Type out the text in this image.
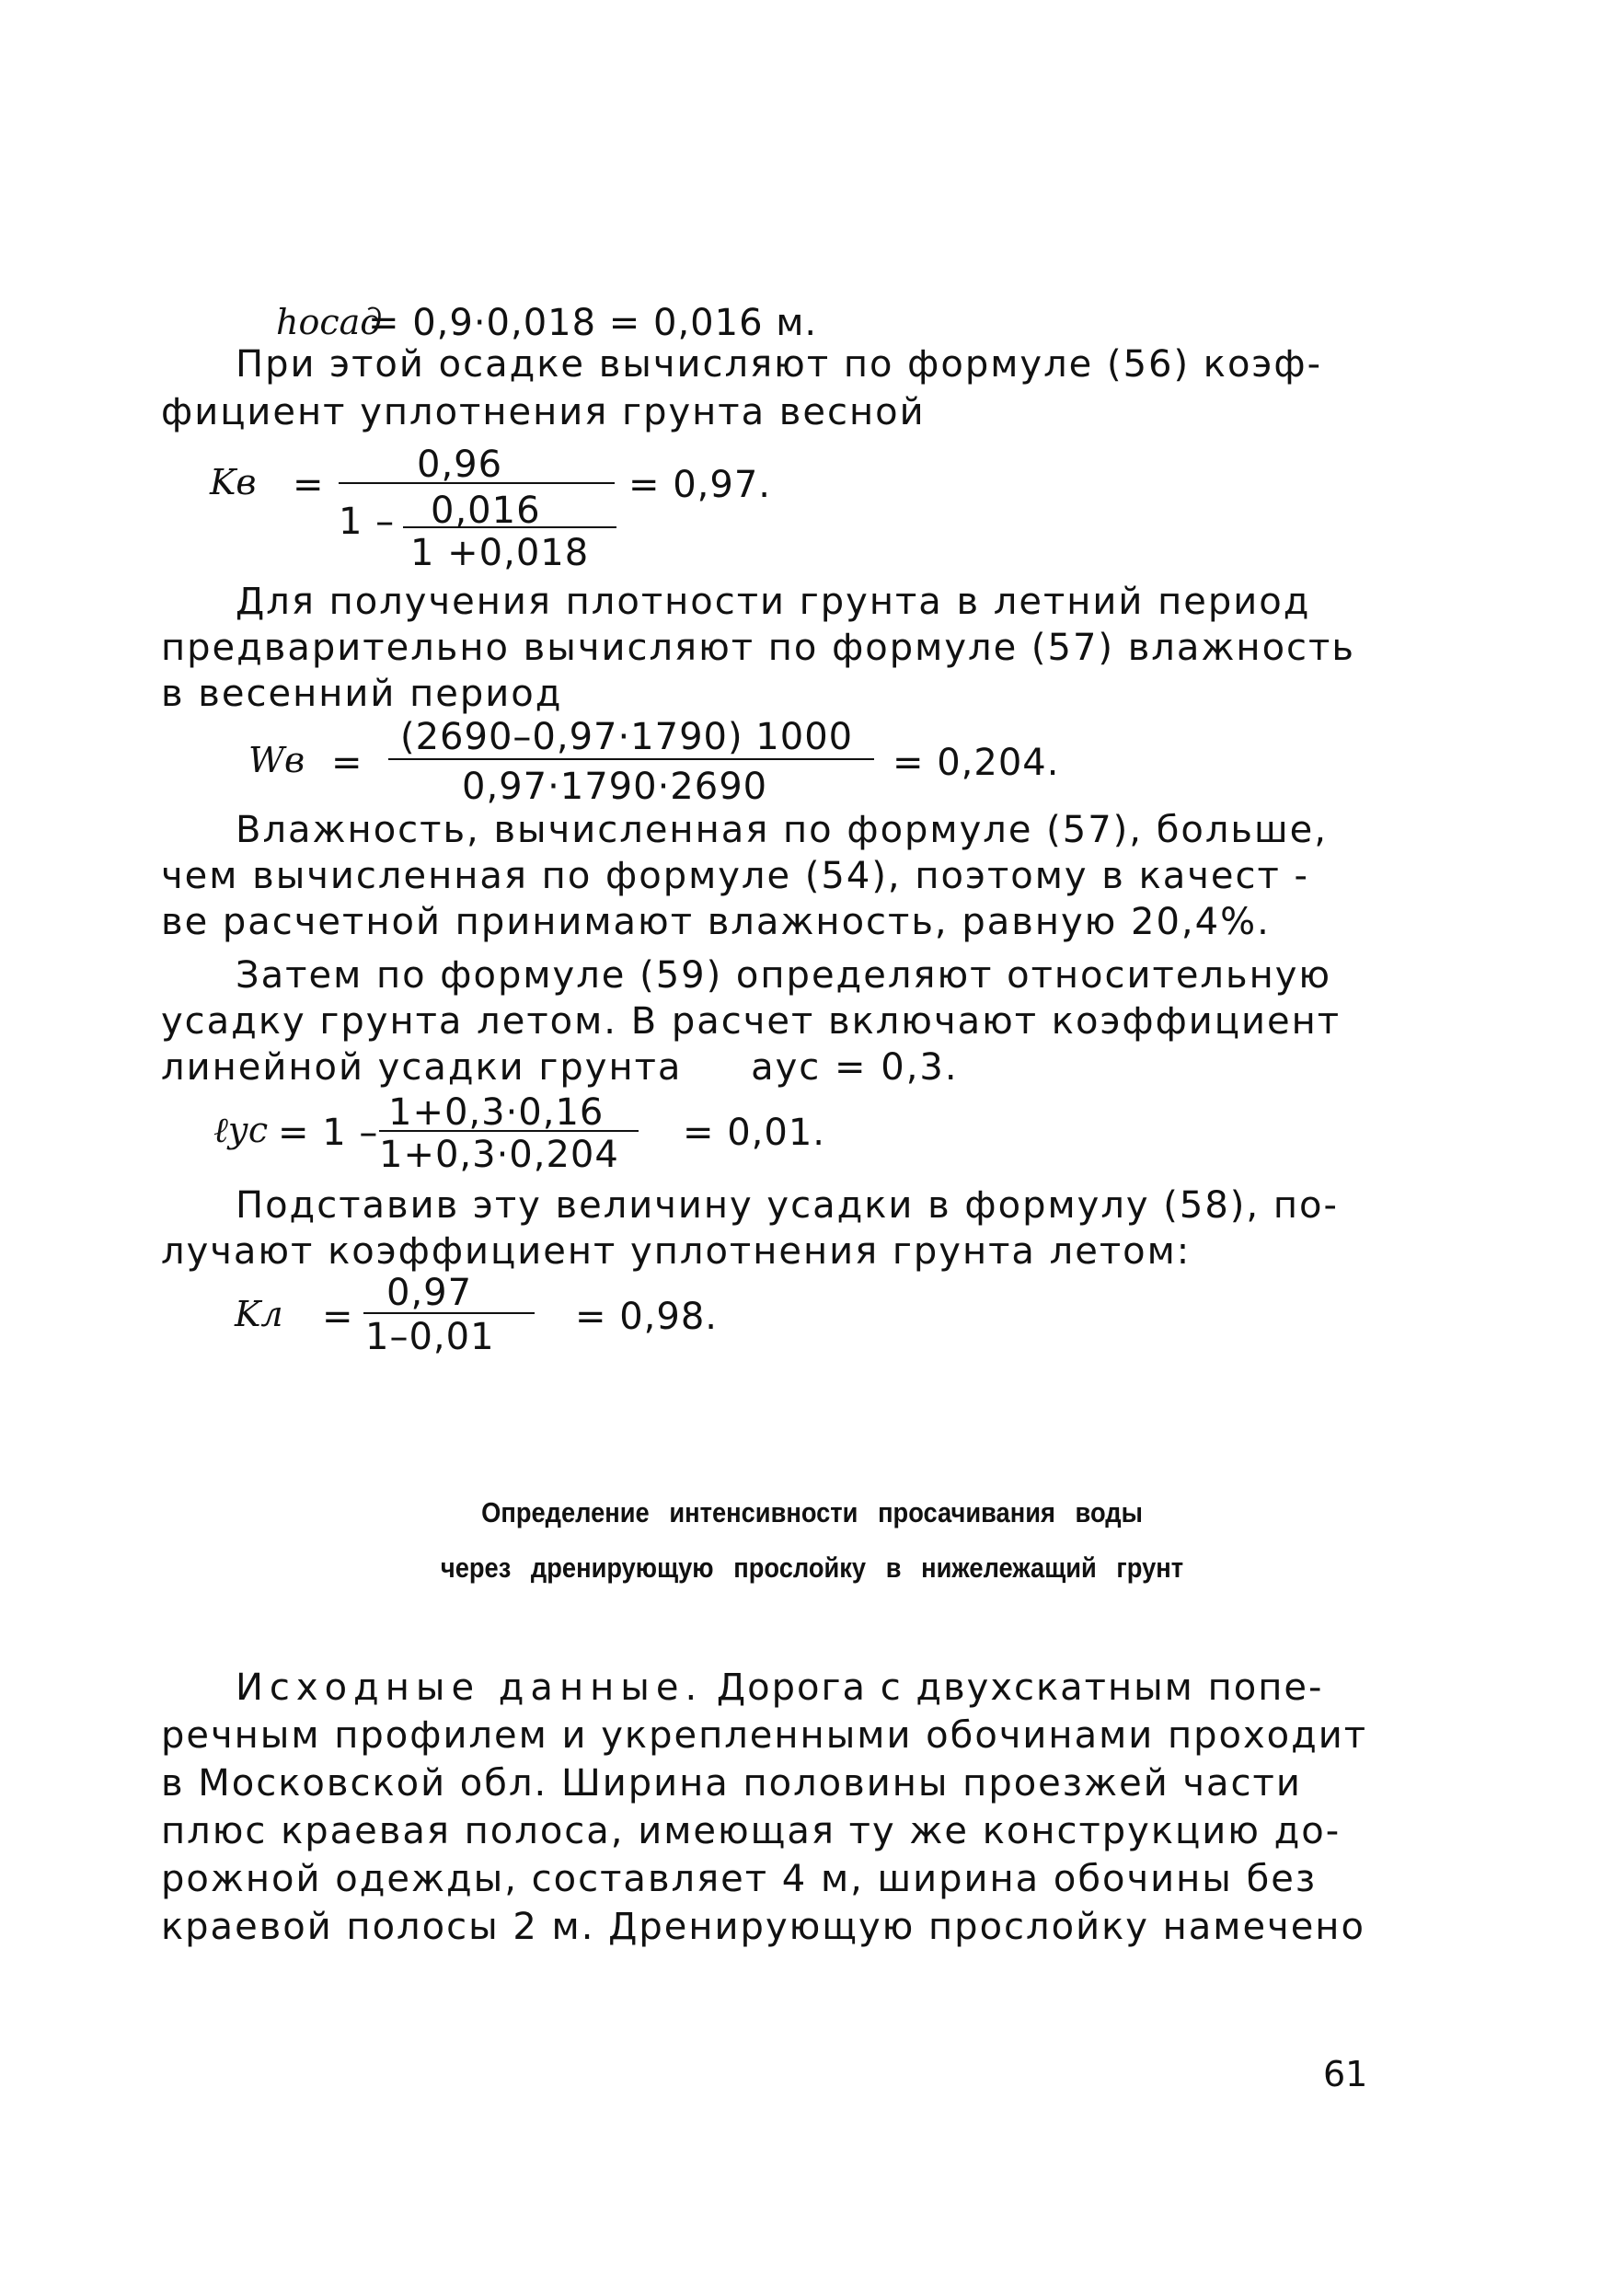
hосад
= 0,9·0,018 = 0,016 м.
При этой осадке вычисляют по формуле (56) коэф-
фициент уплотнения грунта весной
Kв =	0,96
1 – 0,016
1 +0,018
= 0,97.
Для получения плотности грунта в летний период
предварительно вычисляют по формуле (57) влажность
в весенний период
Wв =
(2690–0,97·1790) 1000
0,97·1790·2690
= 0,204.
Влажность, вычисленная по формуле (57), больше,
чем вычисленная по формуле (54), поэтому в качест -
ве расчетной принимают влажность, равную 20,4%.
Затем по формуле (59) определяют относительную
усадку грунта летом. В расчет включают коэффициент
линейной усадки грунта aус = 0,3.
ℓус = 1 – 1+0,3·0,16
1+0,3·0,204
= 0,01.
Подставив эту величину усадки в формулу (58), по-
лучают коэффициент уплотнения грунта летом:
Kл =
0,97
1–0,01 = 0,98.
Определение интенсивности просачивания воды
через дренирующую прослойку в нижележащий грунт
Исходные данные. Дорога с двухскатным попе-
речным профилем и укрепленными обочинами проходит
в Московской обл. Ширина половины проезжей части
плюс краевая полоса, имеющая ту же конструкцию до-
рожной одежды, составляет 4 м, ширина обочины без
краевой полосы 2 м. Дренирующую прослойку намечено
61
